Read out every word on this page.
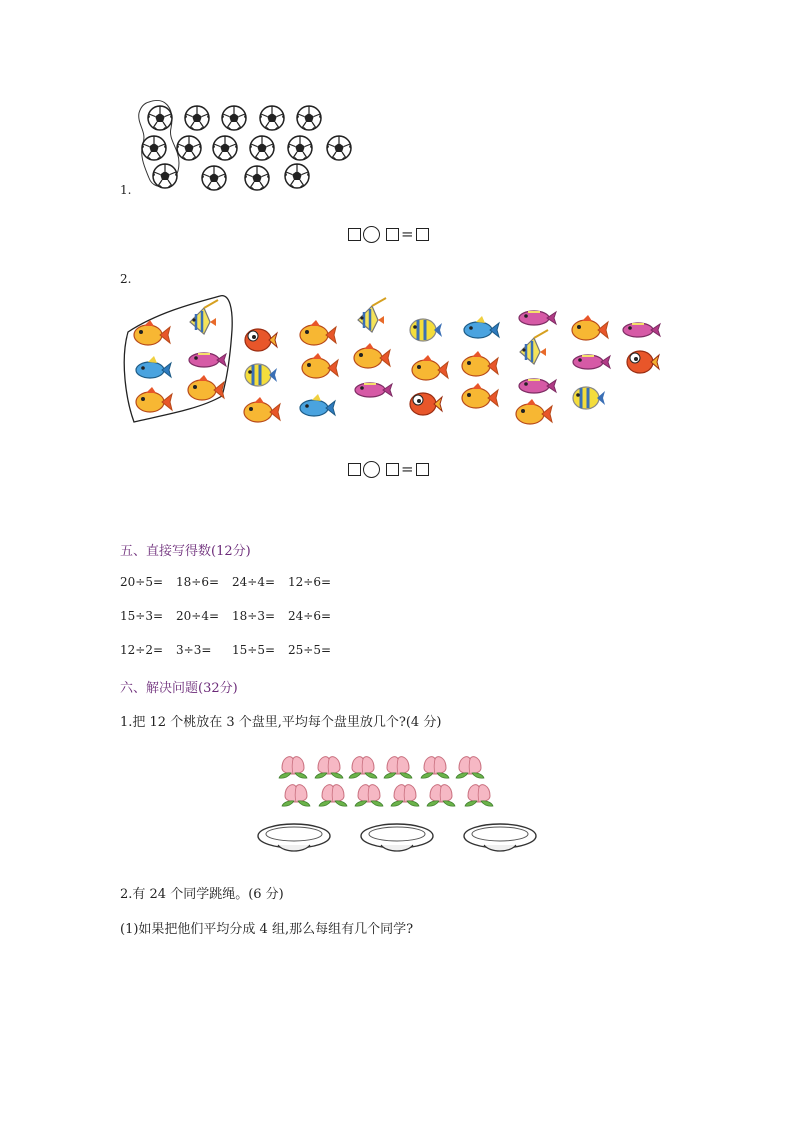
1.
=
2.
=
五、直接写得数(12分)
20÷5= 18÷6= 24÷4= 12÷6=
15÷3= 20÷4= 18÷3= 24÷6=
12÷2= 3÷3= 15÷5= 25÷5=
六、解决问题(32分)
1.把 12 个桃放在 3 个盘里,平均每个盘里放几个?(4 分)
2.有 24 个同学跳绳。(6 分)
(1)如果把他们平均分成 4 组,那么每组有几个同学?
